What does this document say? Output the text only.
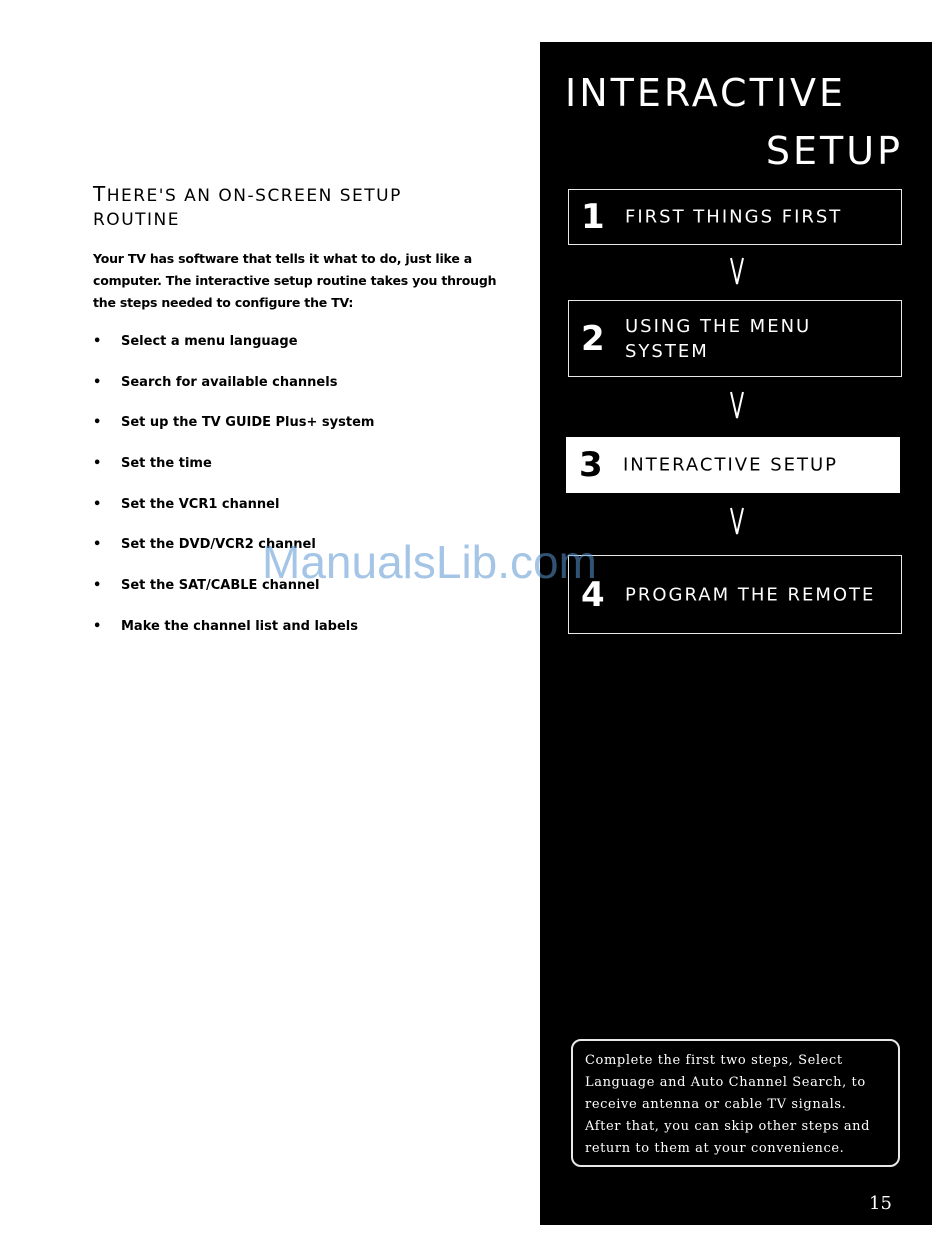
THERE'S AN ON-SCREEN SETUP ROUTINE

Your TV has software that tells it what to do, just like a computer. The interactive setup routine takes you through the steps needed to configure the TV:

• Select a menu language
• Search for available channels
• Set up the TV GUIDE Plus+ system
• Set the time
• Set the VCR1 channel
• Set the DVD/VCR2 channel
• Set the SAT/CABLE channel
• Make the channel list and labels
INTERACTIVE
SETUP
1 FIRST THINGS FIRST
2 USING THE MENU SYSTEM
3 INTERACTIVE SETUP
4 PROGRAM THE REMOTE

Complete the first two steps, Select Language and Auto Channel Search, to receive antenna or cable TV signals. After that, you can skip other steps and return to them at your convenience.

15
ManualsLib.com
